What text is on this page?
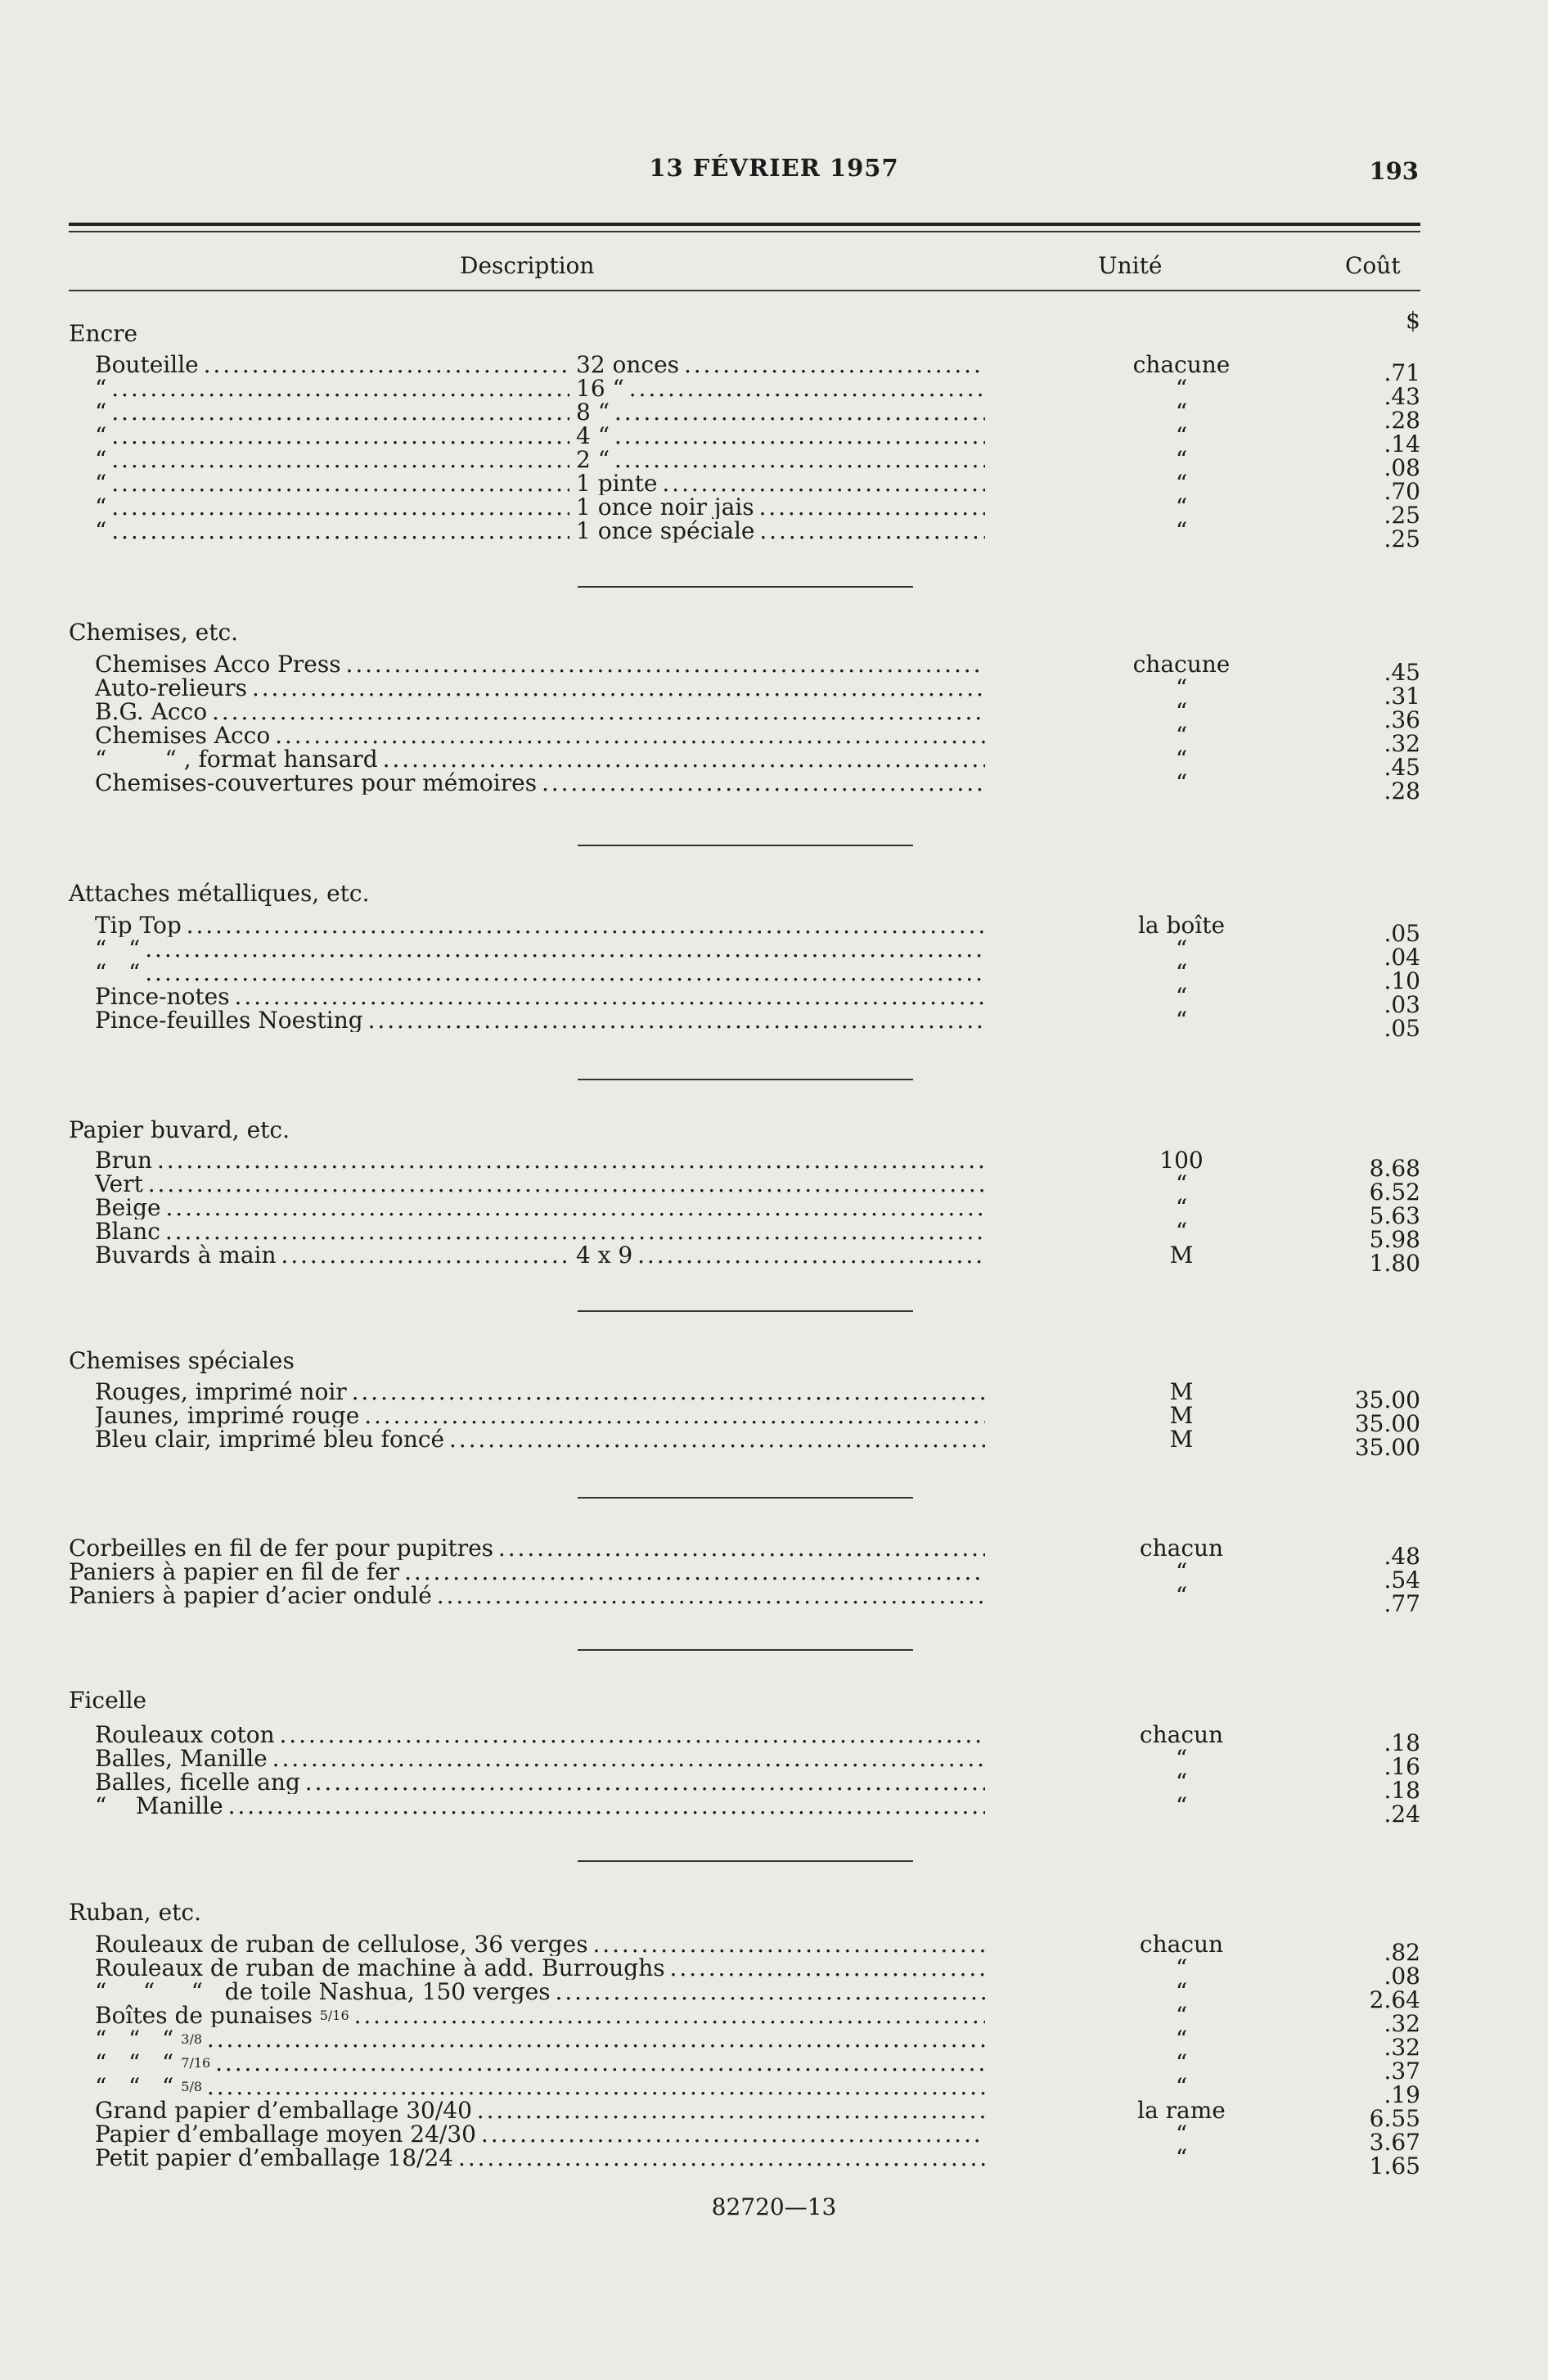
13 FÉVRIER 1957	193
Description	Unité	Coût
$
Encre
Bouteille . . .	32 onces . . .	chacune	.71
“ . . .	16 “ . . .	“	.43
“ . . .	8 “ . . .	“	.28
“ . . .	4 “ . . .	“	.14
“ . . .	2 “ . . .	“	.08
“ . . .	1 pinte . . .	“	.70
“ . . .	1 once noir jais . . .	“	.25
“ . . .	1 once spéciale . . .	“	.25
Chemises, etc.
Chemises Acco Press . . .	chacune	.45
Auto-relieurs . . .	“	.31
B.G. Acco . . .	“	.36
Chemises Acco . . .	“	.32
“        “ , format hansard . . .	“	.45
Chemises-couvertures pour mémoires . . .	“	.28
Attaches métalliques, etc.
Tip Top . . .	la boîte	.05
“   “ . . .	“	.04
“   “ . . .	“	.10
Pince-notes . . .	“	.03
Pince-feuilles Noesting . . .	“	.05
Papier buvard, etc.
Brun . . .	100	8.68
Vert . . .	“	6.52
Beige . . .	“	5.63
Blanc . . .	“	5.98
Buvards à main . . .	4 x 9 . . .	M	1.80
Chemises spéciales
Rouges, imprimé noir . . .	M	35.00
Jaunes, imprimé rouge . . .	M	35.00
Bleu clair, imprimé bleu foncé . . .	M	35.00
Corbeilles en fil de fer pour pupitres . . .	chacun	.48
Paniers à papier en fil de fer . . .	“	.54
Paniers à papier d’acier ondulé . . .	“	.77
Ficelle
Rouleaux coton . . .	chacun	.18
Balles, Manille . . .	“	.16
Balles, ficelle ang . . .	“	.18
“    Manille . . .	“	.24
Ruban, etc.
Rouleaux de ruban de cellulose, 36 verges . . .	chacun	.82
Rouleaux de ruban de machine à add. Burroughs . . .	“	.08
“     “     “   de toile Nashua, 150 verges . . .	“	2.64
Boîtes de punaises 5/16 . . .	“	.32
“   “   “ 3/8 . . .	“	.32
“   “   “ 7/16 . . .	“	.37
“   “   “ 5/8 . . .	“	.19
Grand papier d’emballage 30/40 . . .	la rame	6.55
Papier d’emballage moyen 24/30 . . .	“	3.67
Petit papier d’emballage 18/24 . . .	“	1.65
82720—13
